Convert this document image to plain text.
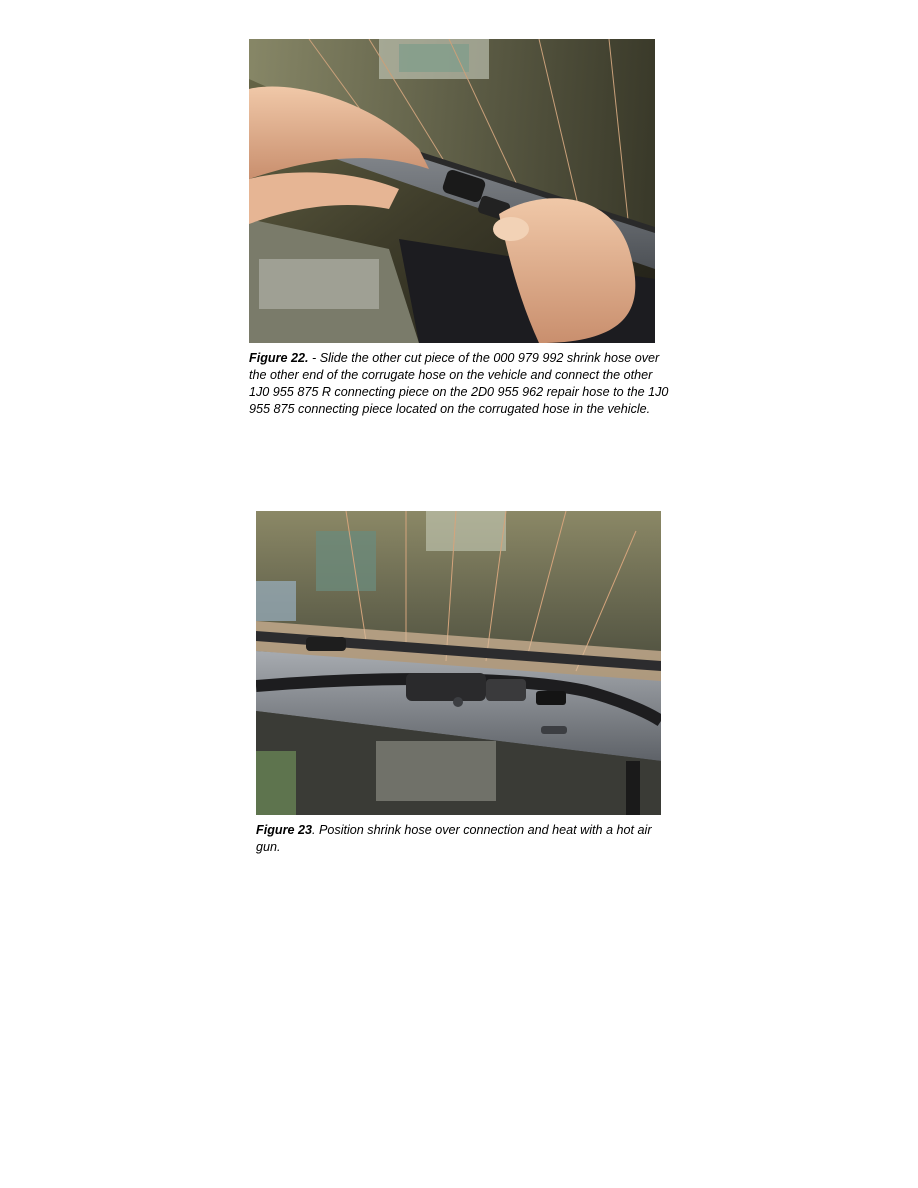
Figure 22. - Slide the other cut piece of the 000 979 992 shrink hose over the other end of the corrugate hose on the vehicle and connect the other 1J0 955 875 R connecting piece on the 2D0 955 962 repair hose to the 1J0 955 875 connecting piece located on the corrugated hose in the vehicle.

Figure 23. Position shrink hose over connection and heat with a hot air gun.
